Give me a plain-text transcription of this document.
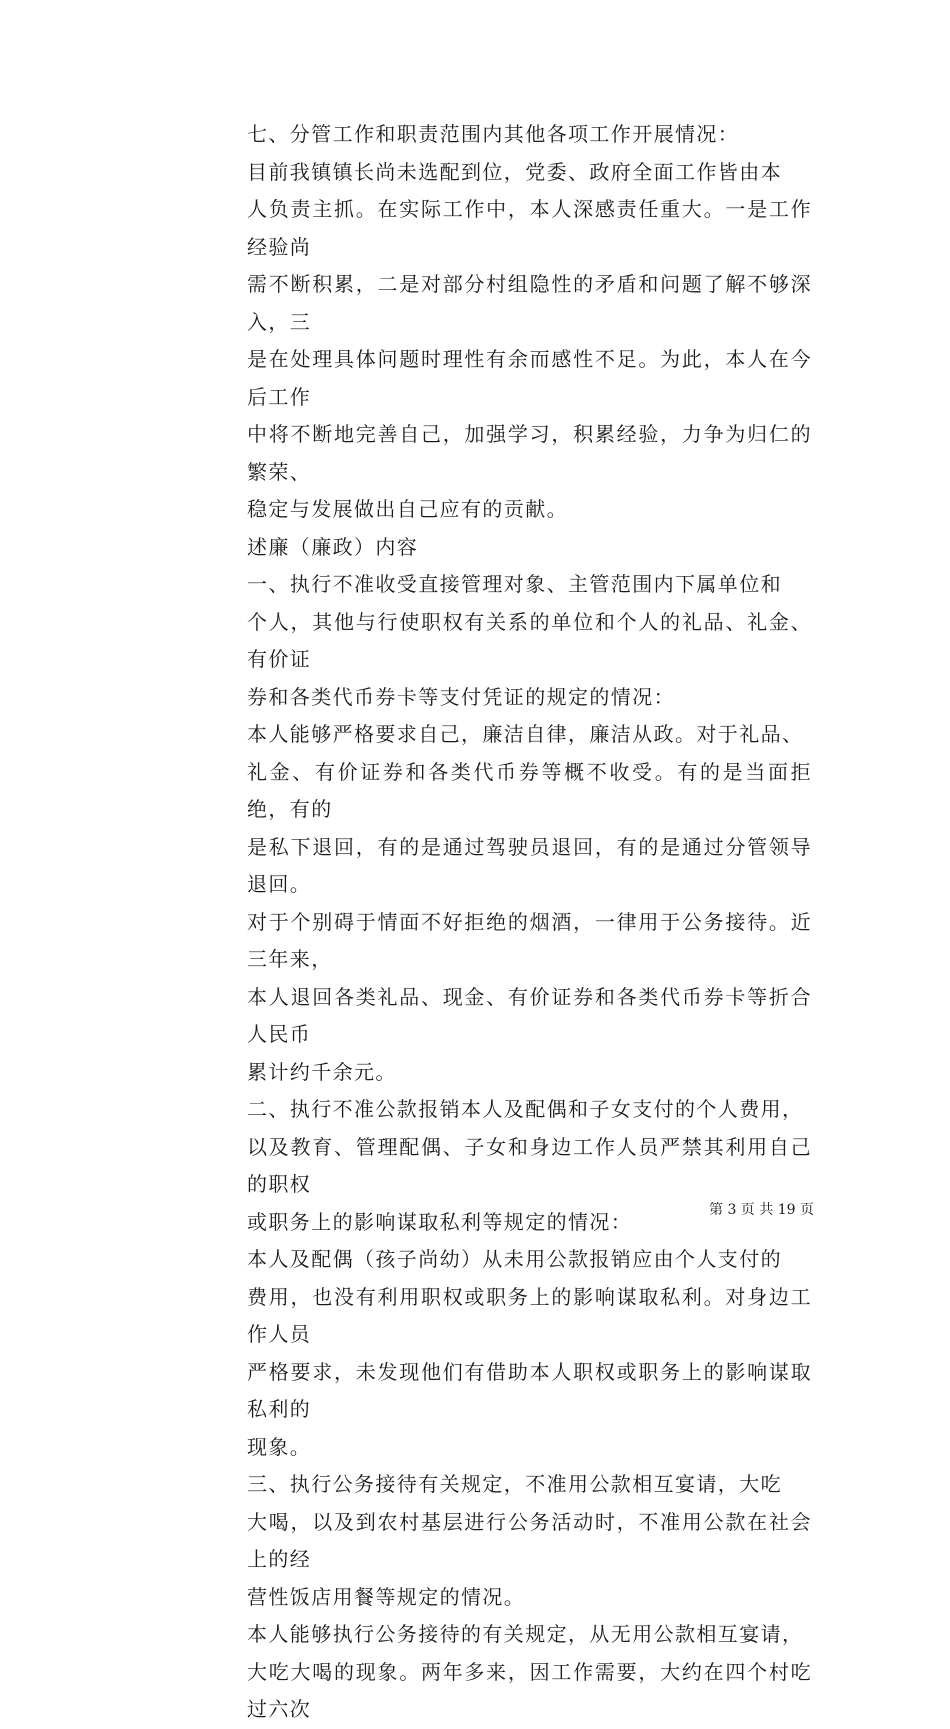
七、分管工作和职责范围内其他各项工作开展情况：

目前我镇镇长尚未选配到位，党委、政府全面工作皆由本
人负责主抓。在实际工作中，本人深感责任重大。一是工作经验尚
需不断积累，二是对部分村组隐性的矛盾和问题了解不够深入，三
是在处理具体问题时理性有余而感性不足。为此，本人在今后工作
中将不断地完善自己，加强学习，积累经验，力争为归仁的繁荣、
稳定与发展做出自己应有的贡献。

述廉（廉政）内容

一、执行不准收受直接管理对象、主管范围内下属单位和
个人，其他与行使职权有关系的单位和个人的礼品、礼金、有价证
券和各类代币券卡等支付凭证的规定的情况：

本人能够严格要求自己，廉洁自律，廉洁从政。对于礼品、
礼金、有价证券和各类代币券等概不收受。有的是当面拒绝，有的
是私下退回，有的是通过驾驶员退回，有的是通过分管领导退回。
对于个别碍于情面不好拒绝的烟酒，一律用于公务接待。近三年来，
本人退回各类礼品、现金、有价证券和各类代币券卡等折合人民币
累计约千余元。

二、执行不准公款报销本人及配偶和子女支付的个人费用，
以及教育、管理配偶、子女和身边工作人员严禁其利用自己的职权
或职务上的影响谋取私利等规定的情况：

本人及配偶（孩子尚幼）从未用公款报销应由个人支付的
费用，也没有利用职权或职务上的影响谋取私利。对身边工作人员
严格要求，未发现他们有借助本人职权或职务上的影响谋取私利的
现象。

三、执行公务接待有关规定，不准用公款相互宴请，大吃
大喝，以及到农村基层进行公务活动时，不准用公款在社会上的经
营性饭店用餐等规定的情况。

本人能够执行公务接待的有关规定，从无用公款相互宴请，
大吃大喝的现象。两年多来，因工作需要，大约在四个村吃过六次

第 3 页 共 19 页
